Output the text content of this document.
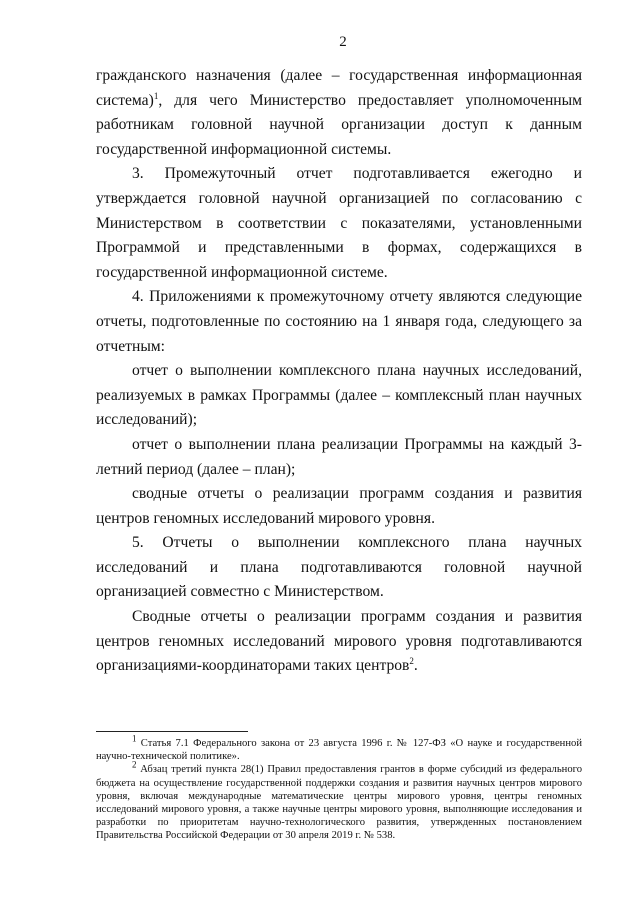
2

гражданского назначения (далее – государственная информационная система)$^1$, для чего Министерство предоставляет уполномоченным работникам головной научной организации доступ к данным государственной информационной системы.

3. Промежуточный отчет подготавливается ежегодно и утверждается головной научной организацией по согласованию с Министерством в соответствии с показателями, установленными Программой и представленными в формах, содержащихся в государственной информационной системе.

4. Приложениями к промежуточному отчету являются следующие отчеты, подготовленные по состоянию на 1 января года, следующего за отчетным:

отчет о выполнении комплексного плана научных исследований, реализуемых в рамках Программы (далее – комплексный план научных исследований);

отчет о выполнении плана реализации Программы на каждый 3-летний период (далее – план);

сводные отчеты о реализации программ создания и развития центров геномных исследований мирового уровня.

5. Отчеты о выполнении комплексного плана научных исследований и плана подготавливаются головной научной организацией совместно с Министерством.

Сводные отчеты о реализации программ создания и развития центров геномных исследований мирового уровня подготавливаются организациями-координаторами таких центров$^2$.

$^1$ Статья 7.1 Федерального закона от 23 августа 1996 г. № 127-ФЗ «О науке и государственной научно-технической политике».

$^2$ Абзац третий пункта 28(1) Правил предоставления грантов в форме субсидий из федерального бюджета на осуществление государственной поддержки создания и развития научных центров мирового уровня, включая международные математические центры мирового уровня, центры геномных исследований мирового уровня, а также научные центры мирового уровня, выполняющие исследования и разработки по приоритетам научно-технологического развития, утвержденных постановлением Правительства Российской Федерации от 30 апреля 2019 г. № 538.
